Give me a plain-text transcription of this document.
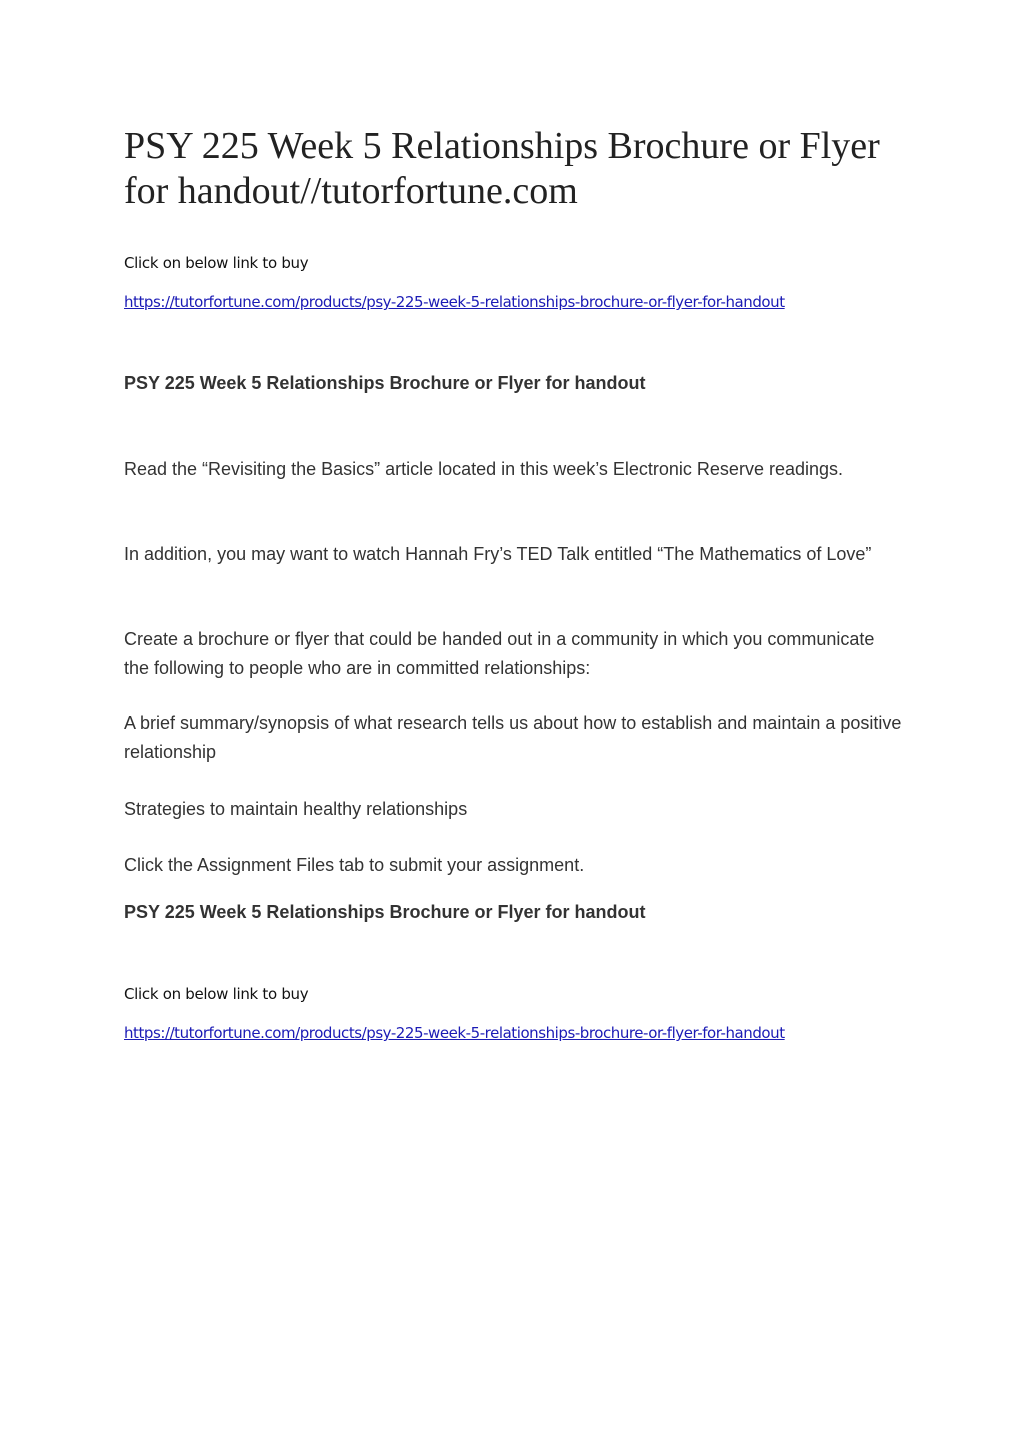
PSY 225 Week 5 Relationships Brochure or Flyer for handout//tutorfortune.com

Click on below link to buy

https://tutorfortune.com/products/psy-225-week-5-relationships-brochure-or-flyer-for-handout
PSY 225 Week 5 Relationships Brochure or Flyer for handout

Read the “Revisiting the Basics” article located in this week’s Electronic Reserve readings.

In addition, you may want to watch Hannah Fry’s TED Talk entitled “The Mathematics of Love”

Create a brochure or flyer that could be handed out in a community in which you communicate the following to people who are in committed relationships:

A brief summary/synopsis of what research tells us about how to establish and maintain a positive relationship

Strategies to maintain healthy relationships

Click the Assignment Files tab to submit your assignment.

PSY 225 Week 5 Relationships Brochure or Flyer for handout

Click on below link to buy

https://tutorfortune.com/products/psy-225-week-5-relationships-brochure-or-flyer-for-handout
